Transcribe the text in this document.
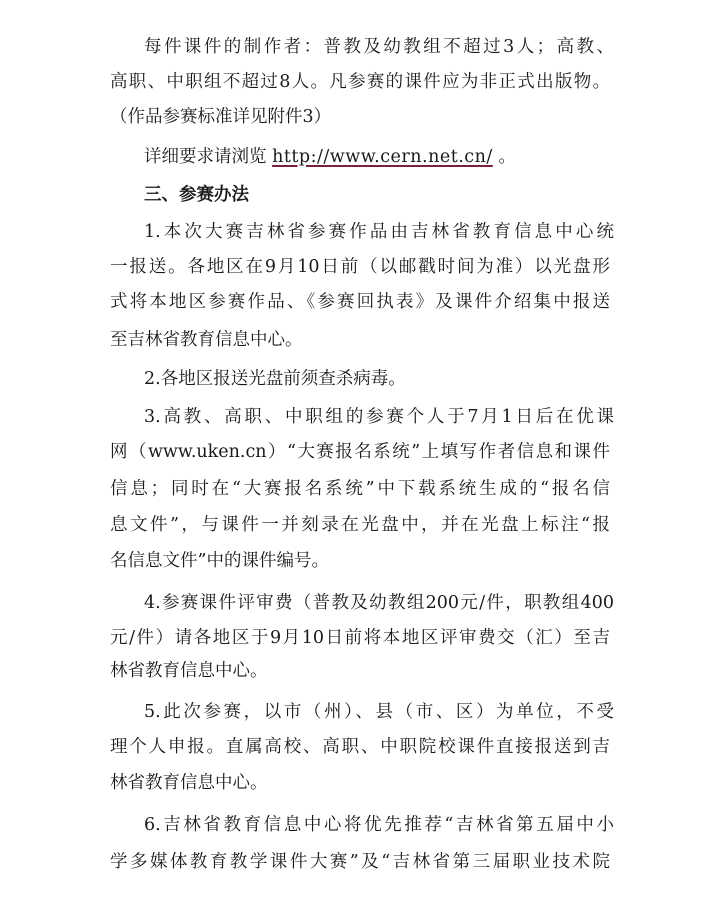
每件课件的制作者：普教及幼教组不超过3人；高教、
高职、中职组不超过8人。凡参赛的课件应为非正式出版物。
（作品参赛标准详见附件3）
详细要求请浏览 http://www.cern.net.cn/ 。
三、参赛办法
1.本次大赛吉林省参赛作品由吉林省教育信息中心统
一报送。各地区在9月10日前（以邮戳时间为准）以光盘形
式将本地区参赛作品、《参赛回执表》及课件介绍集中报送
至吉林省教育信息中心。
2.各地区报送光盘前须查杀病毒。
3.高教、高职、中职组的参赛个人于7月1日后在优课
网（www.uken.cn）“大赛报名系统”上填写作者信息和课件
信息；同时在“大赛报名系统”中下载系统生成的“报名信
息文件”，与课件一并刻录在光盘中，并在光盘上标注“报
名信息文件”中的课件编号。
4.参赛课件评审费（普教及幼教组200元/件，职教组400
元/件）请各地区于9月10日前将本地区评审费交（汇）至吉
林省教育信息中心。
5.此次参赛，以市（州）、县（市、区）为单位，不受
理个人申报。直属高校、高职、中职院校课件直接报送到吉
林省教育信息中心。
6.吉林省教育信息中心将优先推荐“吉林省第五届中小
学多媒体教育教学课件大赛”及“吉林省第三届职业技术院
